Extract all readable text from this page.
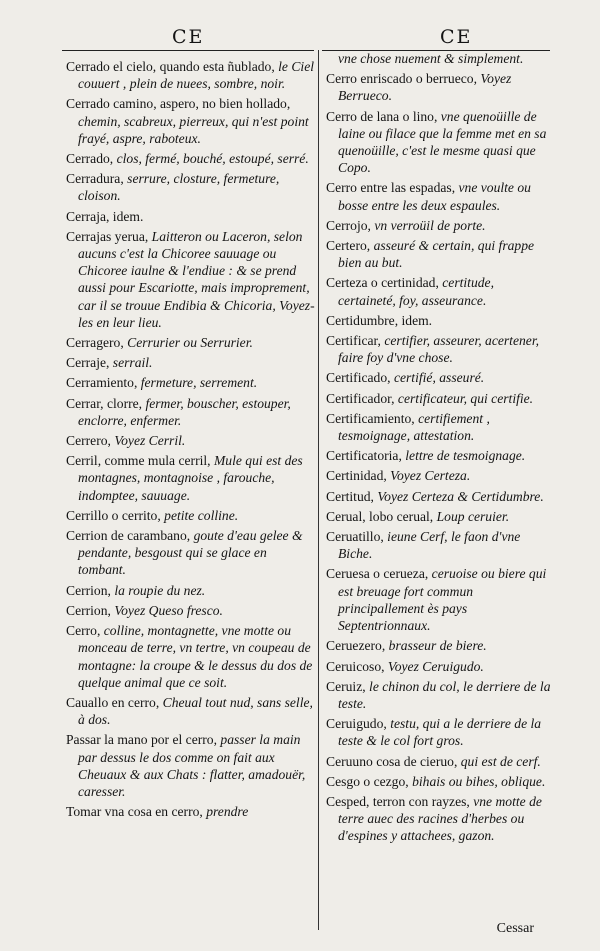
CE	CE

Cerrado el cielo, quando esta ñublado, le Ciel couuert , plein de nuees, sombre, noir.

Cerrado camino, aspero, no bien hollado, chemin, scabreux, pierreux, qui n'est point frayé, aspre, raboteux.

Cerrado, clos, fermé, bouché, estoupé, serré.

Cerradura, serrure, closture, fermeture, cloison.

Cerraja, idem.

Cerrajas yerua, Laitteron ou Laceron, selon aucuns c'est la Chicoree sauuage ou Chicoree iaulne & l'endiue : & se prend aussi pour Escariotte, mais improprement, car il se trouue Endibia & Chicoria, Voyez-les en leur lieu.

Cerragero, Cerrurier ou Serrurier.

Cerraje, serrail.

Cerramiento, fermeture, serrement.

Cerrar, clorre, fermer, bouscher, estouper, enclorre, enfermer.

Cerrero, Voyez Cerril.

Cerril, comme mula cerril, Mule qui est des montagnes, montagnoise , farouche, indomptee, sauuage.

Cerrillo o cerrito, petite colline.

Cerrion de carambano, goute d'eau gelee & pendante, besgoust qui se glace en tombant.

Cerrion, la roupie du nez.

Cerrion, Voyez Queso fresco.

Cerro, colline, montagnette, vne motte ou monceau de terre, vn tertre, vn coupeau de montagne: la croupe & le dessus du dos de quelque animal que ce soit.

Cauallo en cerro, Cheual tout nud, sans selle, à dos.

Passar la mano por el cerro, passer la main par dessus le dos comme on fait aux Cheuaux & aux Chats : flatter, amadouër, caresser.

Tomar vna cosa en cerro, prendre

vne chose nuement & simplement.

Cerro enriscado o berrueco, Voyez Berrueco.

Cerro de lana o lino, vne quenoüille de laine ou filace que la femme met en sa quenoüille, c'est le mesme quasi que Copo.

Cerro entre las espadas, vne voulte ou bosse entre les deux espaules.

Cerrojo, vn verroüil de porte.

Certero, asseuré & certain, qui frappe bien au but.

Certeza o certinidad, certitude, certaineté, foy, asseurance.

Certidumbre, idem.

Certificar, certifier, asseurer, acertener, faire foy d'vne chose.

Certificado, certifié, asseuré.

Certificador, certificateur, qui certifie.

Certificamiento, certifiement , tesmoignage, attestation.

Certificatoria, lettre de tesmoignage.

Certinidad, Voyez Certeza.

Certitud, Voyez Certeza & Certidumbre.

Cerual, lobo cerual, Loup ceruier.

Ceruatillo, ieune Cerf, le faon d'vne Biche.

Ceruesa o cerueza, ceruoise ou biere qui est breuage fort commun principallement ès pays Septentrionnaux.

Ceruezero, brasseur de biere.

Ceruicoso, Voyez Ceruigudo.

Ceruiz, le chinon du col, le derriere de la teste.

Ceruigudo, testu, qui a le derriere de la teste & le col fort gros.

Ceruuno cosa de cieruo, qui est de cerf.

Cesgo o cezgo, bihais ou bihes, oblique.

Cesped, terron con rayzes, vne motte de terre auec des racines d'herbes ou d'espines y attachees, gazon.

Cessar
